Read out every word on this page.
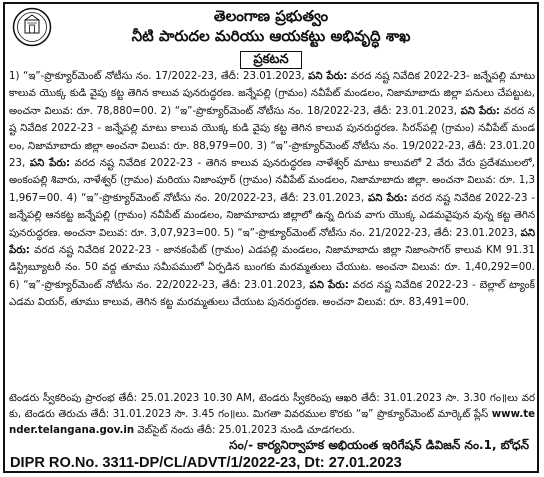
తెలంగాణ ప్రభుత్వం
నీటి పారుదల మరియు ఆయకట్టు అభివృద్ధి శాఖ
ప్రకటన
1) “ఇ”-ప్రొక్యూర్‌మెంట్ నోటీసు నం. 17/2022-23, తేదీ: 23.01.2023, పని పేరు: వరద నష్ట నివేదిక 2022-23- జన్నేపల్లి మాటు కాలువ యొక్క కుడి వైపు కట్ట తెగిన కాలువ పునరుద్ధరణ. జన్నేపల్లి (గ్రామం) నవీపేట్ మండలం, నిజామాబాదు జిల్లా పనులు చేపట్టుట, అంచనా విలువ: రూ. 78,880=00. 2) “ఇ”-ప్రొక్యూర్‌మెంట్ నోటీసు నం. 18/2022-23, తేదీ: 23.01.2023, పని పేరు: వరద నష్ట నివేదిక 2022-23 - జన్నేపల్లి మాటు కాలువ యొక్క కుడి వైపు కట్ట తెగిన కాలువ పునరుద్ధరణ. సిరన్‌పల్లి (గ్రామం) నవీపేట్ మండలం, నిజామాబాదు జిల్లా అంచనా విలువ: రూ. 88,979=00. 3) “ఇ”-ప్రొక్యూర్‌మెంట్ నోటీసు నం. 19/2022-23, తేదీ: 23.01.2023, పని పేరు: వరద నష్ట నివేదిక 2022-23 - తెగిన కాలువ పునరుద్ధరణ నాళేశ్వర్ మాటు కాలువలో 2 వేరు వేరు ప్రదేశములలో, అంకంపల్లి శివారు, నాళేశ్వర్ (గ్రామం) మరియు నిజాంపూర్ (గ్రామం) నవీపేట్ మండలం, నిజామాబాదు జిల్లా. అంచనా విలువ: రూ. 1,31,967=00. 4) “ఇ”-ప్రొక్యూర్‌మెంట్ నోటీసు నం. 20/2022-23, తేదీ: 23.01.2023, పని పేరు: వరద నష్ట నివేదిక 2022-23 - జన్నేపల్లి ఆనకట్ట జన్నేపల్లి (గ్రామం) నవీపేట్ మండలం, నిజామాబాదు జిల్లాలో ఉన్న దిగువ వాగు యొక్క ఎడమవైపున వున్న కట్ట తెగిన పునరుద్ధరణ. అంచనా విలువ: రూ. 3,07,923=00. 5) “ఇ”-ప్రొక్యూర్‌మెంట్ నోటీసు నం. 21/2022-23, తేదీ: 23.01.2023, పని పేరు: వరద నష్ట నివేదిక 2022-23 - జానకంపేట్ (గ్రామం) ఎడపల్లి మండలం, నిజామాబాదు జిల్లా నిజాంసాగర్ కాలువ KM 91.31 డిస్ట్రిబ్యూటరీ నం. 50 వద్ద తూము సమీపములో ఏర్పడిన బుంగకు మరమ్మతులు చేయుట. అంచనా విలువ: రూ. 1,40,292=00. 6) “ఇ”-ప్రొక్యూర్‌మెంట్ నోటీసు నం. 22/2022-23, తేదీ: 23.01.2023, పని పేరు: వరద నష్ట నివేదిక 2022-23 - బెల్లాల్ ట్యాంక్ ఎడమ వియర్, తూము కాలువ, తెగిన కట్ట మరమ్మతులు చేయుట పునరుద్ధరణ. అంచనా విలువ: రూ. 83,491=00.
టెండరు స్వీకరింపు ప్రారంభ తేదీ: 25.01.2023 10.30 AM, టెండరు స్వీకరింపు ఆఖరి తేదీ: 31.01.2023 సా. 3.30 గం॥లు వరకు, టెండరు తెరుచు తేదీ: 31.01.2023 సా. 3.45 గం॥లు. మిగతా వివరముల కొరకు “ఇ” ప్రొక్యూర్‌మెంట్ మార్కెట్ ప్లేస్ www.tender.telangana.gov.in వెబ్‌సైట్ నందు తేదీ: 25.01.2023 నుండి చూడగలరు.
సం/- కార్యనిర్వాహక అభియంత ఇరిగేషన్ డివిజన్ నం.1, బోధన్
DIPR RO.No. 3311-DP/CL/ADVT/1/2022-23, Dt: 27.01.2023
